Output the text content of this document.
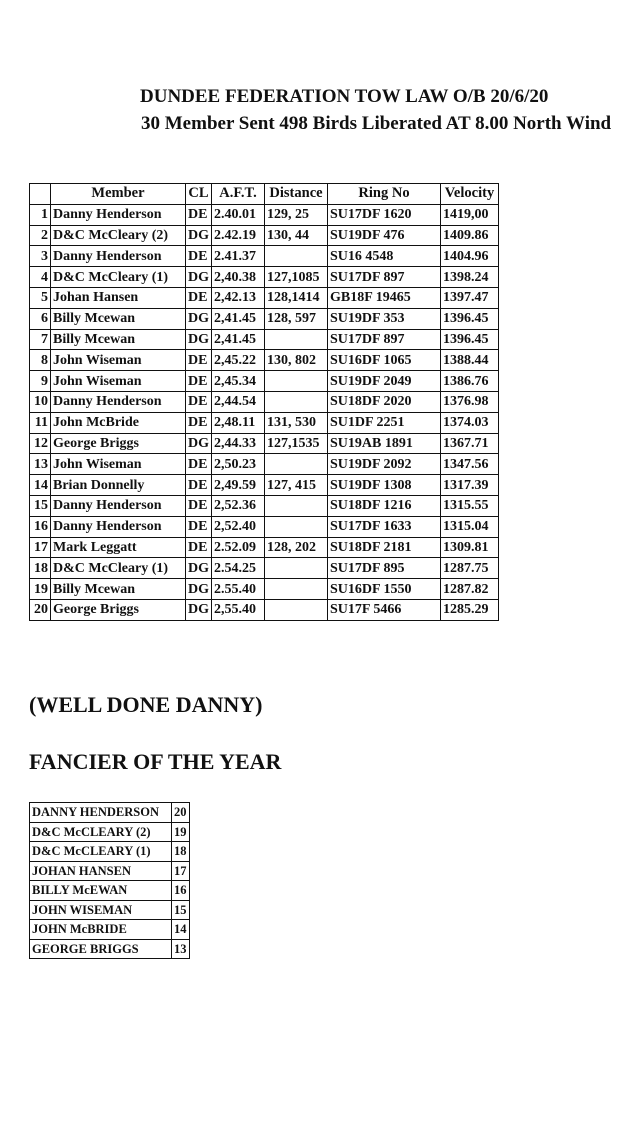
DUNDEE FEDERATION TOW LAW O/B 20/6/20
30 Member Sent 498 Birds Liberated AT 8.00 North Wind
	Member	CL	A.F.T.	Distance	Ring No	Velocity
1	Danny Henderson	DE	2.40.01	129, 25	SU17DF 1620	1419,00
2	D&C McCleary (2)	DG	2.42.19	130, 44	SU19DF 476	1409.86
3	Danny Henderson	DE	2.41.37		SU16 4548	1404.96
4	D&C McCleary (1)	DG	2,40.38	127,1085	SU17DF 897	1398.24
5	Johan Hansen	DE	2,42.13	128,1414	GB18F 19465	1397.47
6	Billy Mcewan	DG	2,41.45	128, 597	SU19DF 353	1396.45
7	Billy Mcewan	DG	2,41.45		SU17DF 897	1396.45
8	John Wiseman	DE	2,45.22	130, 802	SU16DF 1065	1388.44
9	John Wiseman	DE	2,45.34		SU19DF 2049	1386.76
10	Danny Henderson	DE	2,44.54		SU18DF 2020	1376.98
11	John McBride	DE	2,48.11	131, 530	SU1DF 2251	1374.03
12	George Briggs	DG	2,44.33	127,1535	SU19AB 1891	1367.71
13	John Wiseman	DE	2,50.23		SU19DF 2092	1347.56
14	Brian Donnelly	DE	2,49.59	127, 415	SU19DF 1308	1317.39
15	Danny Henderson	DE	2,52.36		SU18DF 1216	1315.55
16	Danny Henderson	DE	2,52.40		SU17DF 1633	1315.04
17	Mark Leggatt	DE	2.52.09	128, 202	SU18DF 2181	1309.81
18	D&C McCleary (1)	DG	2.54.25		SU17DF 895	1287.75
19	Billy Mcewan	DG	2.55.40		SU16DF 1550	1287.82
20	George Briggs	DG	2,55.40		SU17F 5466	1285.29
(WELL DONE DANNY)
FANCIER OF THE YEAR
DANNY HENDERSON	20
D&C McCLEARY (2)	19
D&C McCLEARY (1)	18
JOHAN HANSEN	17
BILLY McEWAN	16
JOHN WISEMAN	15
JOHN McBRIDE	14
GEORGE BRIGGS	13
